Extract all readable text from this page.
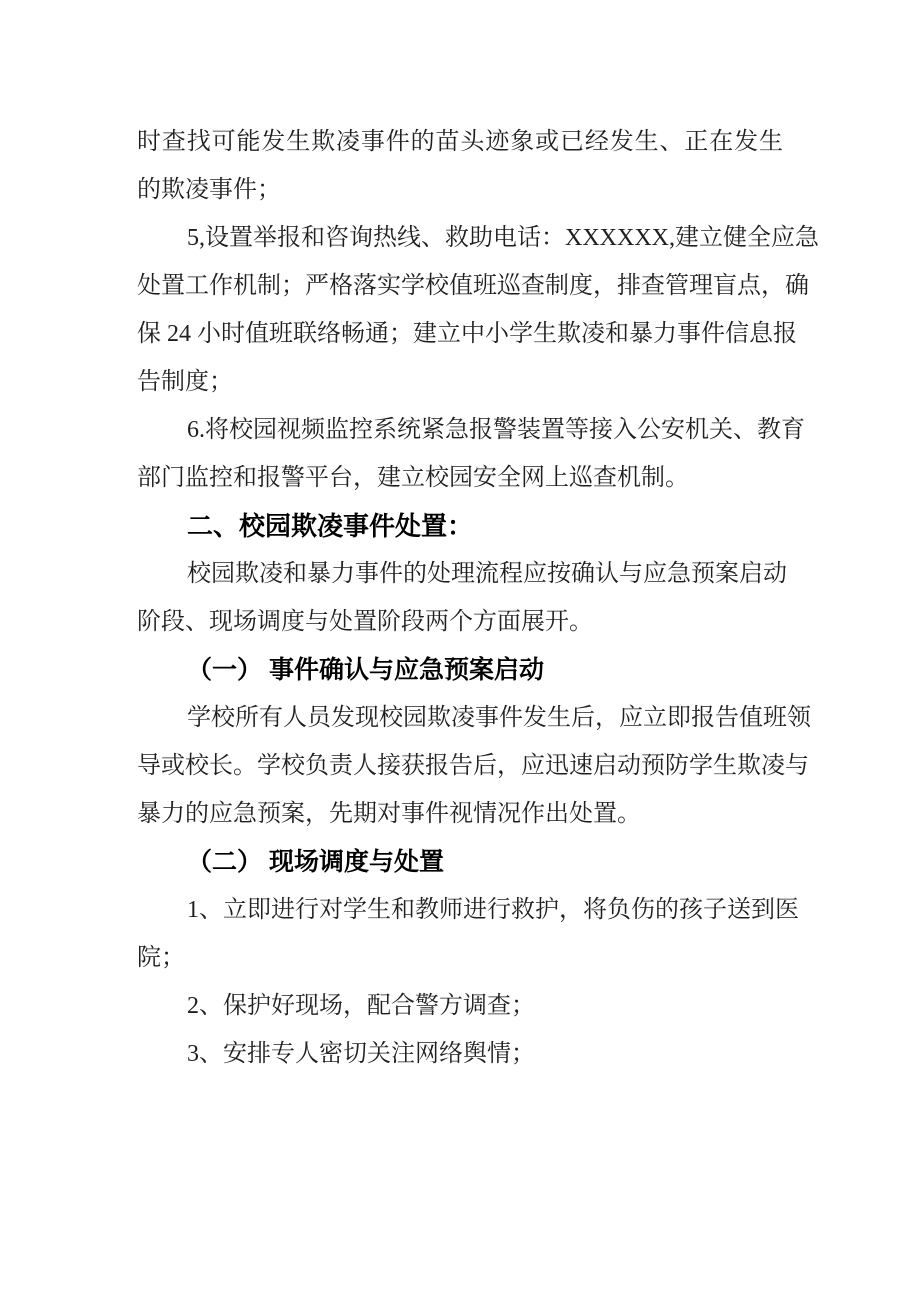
时查找可能发生欺凌事件的苗头迹象或已经发生、正在发生
的欺凌事件；
5,设置举报和咨询热线、救助电话：XXXXXX,建立健全应急
处置工作机制；严格落实学校值班巡查制度，排查管理盲点，确
保 24 小时值班联络畅通；建立中小学生欺凌和暴力事件信息报
告制度；
6.将校园视频监控系统紧急报警装置等接入公安机关、教育
部门监控和报警平台，建立校园安全网上巡查机制。
二、校园欺凌事件处置：
校园欺凌和暴力事件的处理流程应按确认与应急预案启动
阶段、现场调度与处置阶段两个方面展开。
（一） 事件确认与应急预案启动
学校所有人员发现校园欺凌事件发生后，应立即报告值班领
导或校长。学校负责人接获报告后，应迅速启动预防学生欺凌与
暴力的应急预案，先期对事件视情况作出处置。
（二） 现场调度与处置
1、立即进行对学生和教师进行救护，将负伤的孩子送到医
院；
2、保护好现场，配合警方调查；
3、安排专人密切关注网络舆情；
